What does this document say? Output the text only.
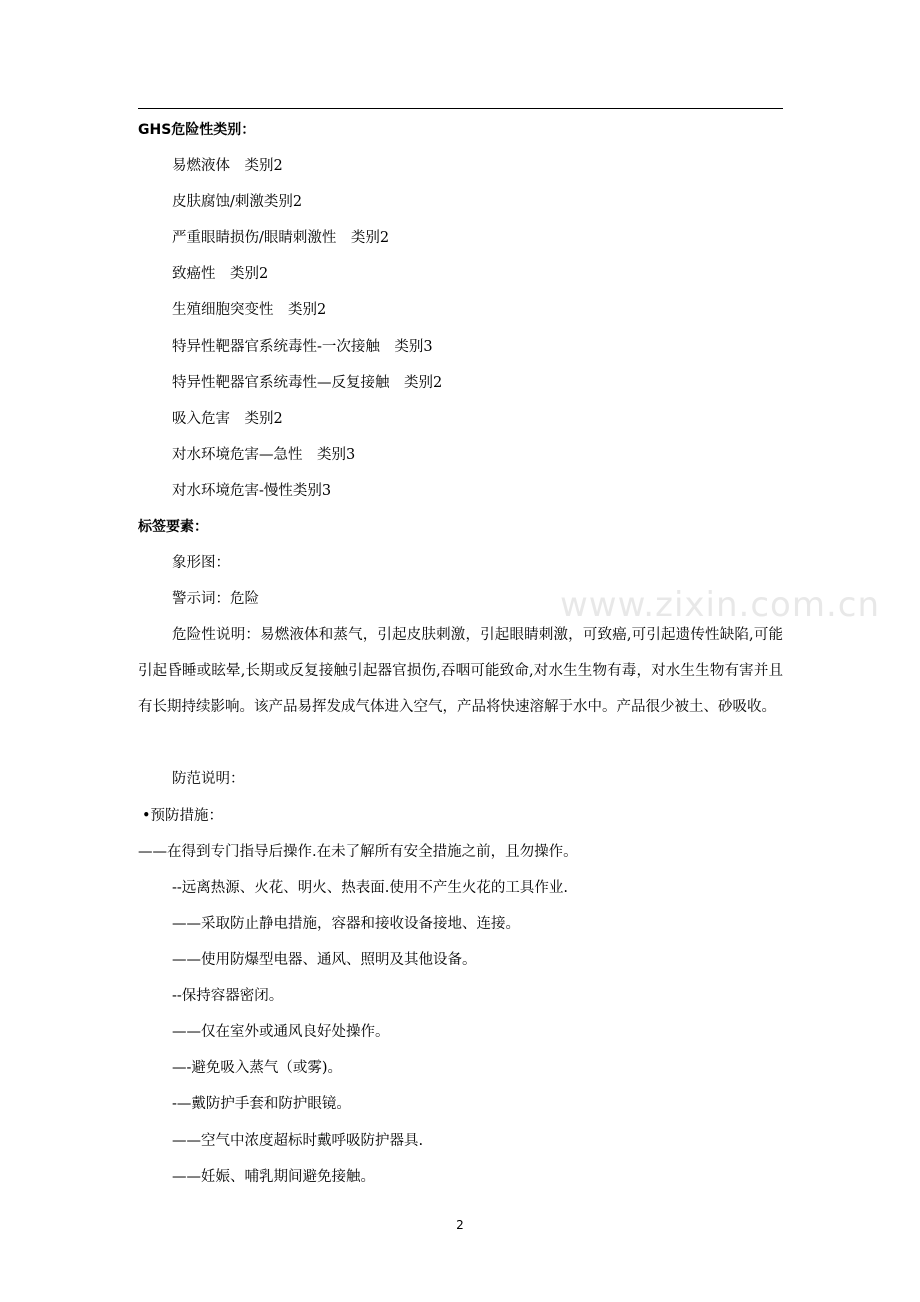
GHS危险性类别：
易燃液体　类别2
皮肤腐蚀/刺激类别2
严重眼睛损伤/眼睛刺激性　类别2
致癌性　类别2
生殖细胞突变性　类别2
特异性靶器官系统毒性-一次接触　类别3
特异性靶器官系统毒性—反复接触　类别2
吸入危害　类别2
对水环境危害—急性　类别3
对水环境危害-慢性类别3
标签要素：
象形图：
警示词：危险	www.zixin.com.cn
危险性说明：易燃液体和蒸气，引起皮肤刺激，引起眼睛刺激，可致癌,可引起遗传性缺陷,可能引起昏睡或眩晕,长期或反复接触引起器官损伤,吞咽可能致命,对水生生物有毒，对水生生物有害并且有长期持续影响。该产品易挥发成气体进入空气，产品将快速溶解于水中。产品很少被土、砂吸收。
防范说明：
•预防措施：
——在得到专门指导后操作.在未了解所有安全措施之前，且勿操作。
--远离热源、火花、明火、热表面.使用不产生火花的工具作业.
——采取防止静电措施，容器和接收设备接地、连接。
——使用防爆型电器、通风、照明及其他设备。
--保持容器密闭。
——仅在室外或通风良好处操作。
—-避免吸入蒸气（或雾)。
-—戴防护手套和防护眼镜。
——空气中浓度超标时戴呼吸防护器具.
——妊娠、哺乳期间避免接触。
2
